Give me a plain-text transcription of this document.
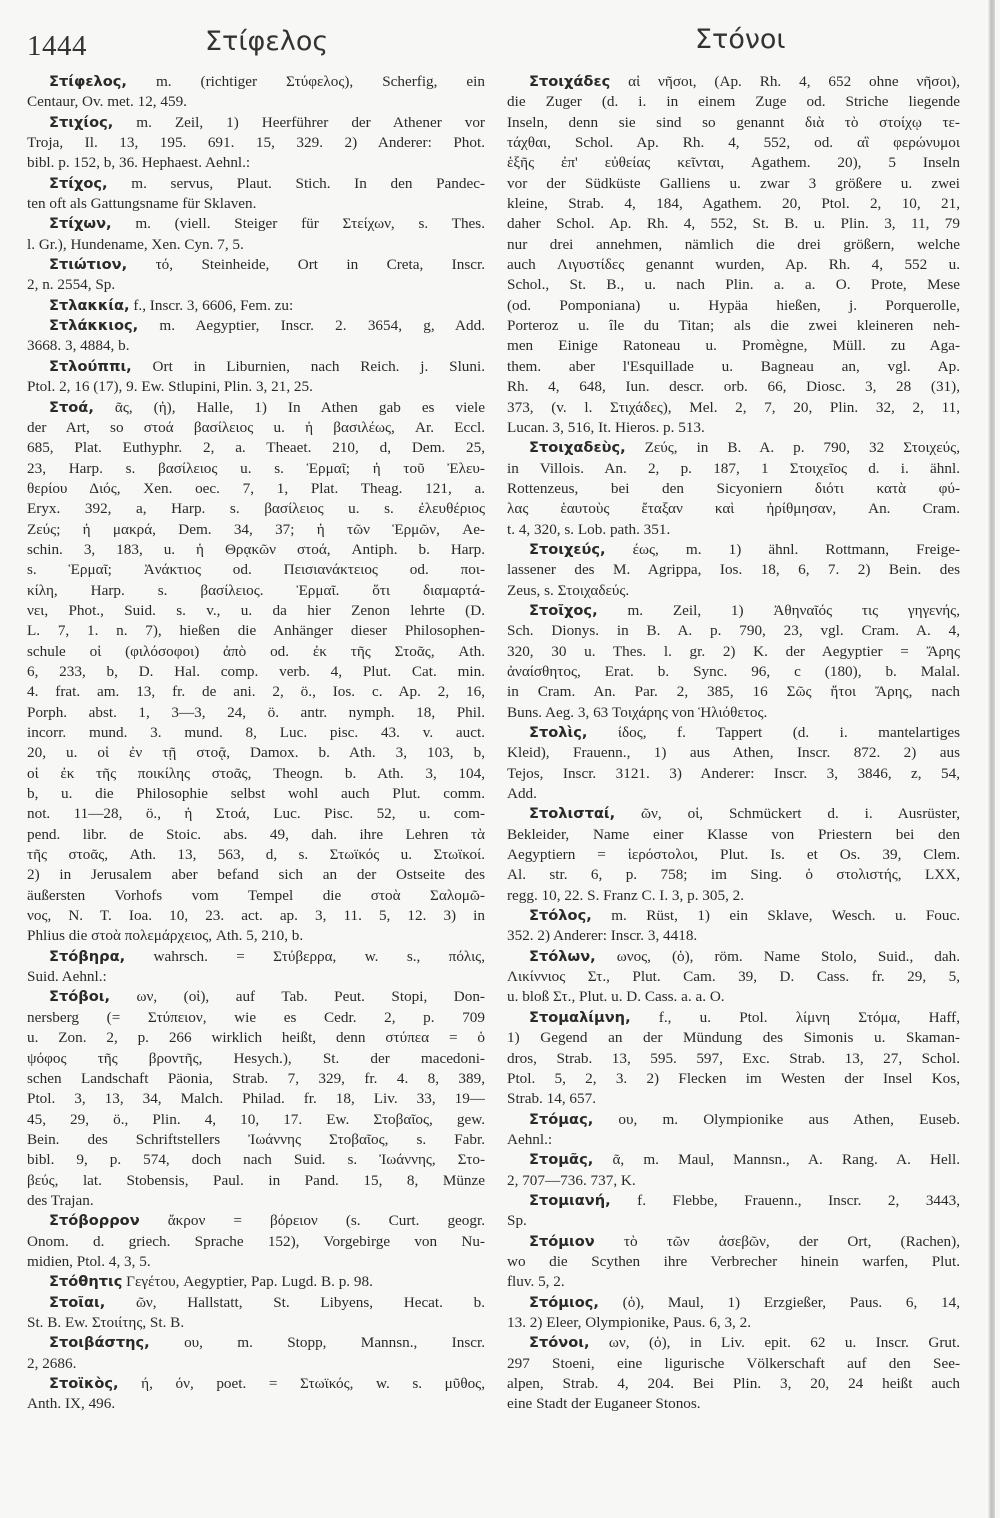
1444	Στίφελος	Στόνοι
Στίφελος, m. (richtiger Στύφελος), Scherfig, ein
Centaur, Ov. met. 12, 459.
Στιχίος, m. Zeil, 1) Heerführer der Athener vor
Troja, Il. 13, 195. 691. 15, 329. 2) Anderer: Phot.
bibl. p. 152, b, 36. Hephaest. Aehnl.:
Στίχος, m. servus, Plaut. Stich. In den Pandec-
ten oft als Gattungsname für Sklaven.
Στίχων, m. (viell. Steiger für Στείχων, s. Thes.
l. Gr.), Hundename, Xen. Cyn. 7, 5.
Στιώτιον, τό, Steinheide, Ort in Creta, Inscr.
2, n. 2554, Sp.
Στλακκία, f., Inscr. 3, 6606, Fem. zu:
Στλάκκιος, m. Aegyptier, Inscr. 2. 3654, g, Add.
3668. 3, 4884, b.
Στλούππι, Ort in Liburnien, nach Reich. j. Sluni.
Ptol. 2, 16 (17), 9. Ew. Stlupini, Plin. 3, 21, 25.
Στοά, ᾶς, (ἡ), Halle, 1) In Athen gab es viele
der Art, so στοά βασίλειος u. ἡ βασιλέως, Ar. Eccl.
685, Plat. Euthyphr. 2, a. Theaet. 210, d, Dem. 25,
23, Harp. s. βασίλειος u. s. Ἑρμαῖ; ἡ τοῦ Ἐλευ-
θερίου Διός, Xen. oec. 7, 1, Plat. Theag. 121, a.
Eryx. 392, a, Harp. s. βασίλειος u. s. ἐλευθέριος
Ζεύς; ἡ μακρά, Dem. 34, 37; ἡ τῶν Ἑρμῶν, Ae-
schin. 3, 183, u. ἡ Θρᾳκῶν στοά, Antiph. b. Harp.
s. Ἑρμαῖ; Ἀνάκτιος od. Πεισιανάκτειος od. ποι-
κίλη, Harp. s. βασίλειος. Ἑρμαῖ. ὅτι διαμαρτά-
νει, Phot., Suid. s. v., u. da hier Zenon lehrte (D.
L. 7, 1. n. 7), hießen die Anhänger dieser Philosophen-
schule οἱ (φιλόσοφοι) ἀπὸ od. ἐκ τῆς Στοᾶς, Ath.
6, 233, b, D. Hal. comp. verb. 4, Plut. Cat. min.
4. frat. am. 13, fr. de ani. 2, ö., Ios. c. Ap. 2, 16,
Porph. abst. 1, 3—3, 24, ö. antr. nymph. 18, Phil.
incorr. mund. 3. mund. 8, Luc. pisc. 43. v. auct.
20, u. οἱ ἐν τῇ στοᾷ, Damox. b. Ath. 3, 103, b,
οἱ ἐκ τῆς ποικίλης στοᾶς, Theogn. b. Ath. 3, 104,
b, u. die Philosophie selbst wohl auch Plut. comm.
not. 11—28, ö., ἡ Στοά, Luc. Pisc. 52, u. com-
pend. libr. de Stoic. abs. 49, dah. ihre Lehren τὰ
τῆς στοᾶς, Ath. 13, 563, d, s. Στωϊκός u. Στωϊκοί.
2) in Jerusalem aber befand sich an der Ostseite des
äußersten Vorhofs vom Tempel die στοὰ Σαλομῶ-
νος, N. T. Ioa. 10, 23. act. ap. 3, 11. 5, 12. 3) in
Phlius die στοὰ πολεμάρχειος, Ath. 5, 210, b.
Στόβηρα, wahrsch. = Στύβερρα, w. s., πόλις,
Suid. Aehnl.:
Στόβοι, ων, (οἱ), auf Tab. Peut. Stopi, Don-
nersberg (= Στύπειον, wie es Cedr. 2, p. 709
u. Zon. 2, p. 266 wirklich heißt, denn στύπεα = ὁ
ψόφος τῆς βροντῆς, Hesych.), St. der macedoni-
schen Landschaft Päonia, Strab. 7, 329, fr. 4. 8, 389,
Ptol. 3, 13, 34, Malch. Philad. fr. 18, Liv. 33, 19—
45, 29, ö., Plin. 4, 10, 17. Ew. Στοβαῖος, gew.
Bein. des Schriftstellers Ἰωάννης Στοβαῖος, s. Fabr.
bibl. 9, p. 574, doch nach Suid. s. Ἰωάννης, Στο-
βεύς, lat. Stobensis, Paul. in Pand. 15, 8, Münze
des Trajan.
Στόβορρον ἄκρον = βόρειον (s. Curt. geogr.
Onom. d. griech. Sprache 152), Vorgebirge von Nu-
midien, Ptol. 4, 3, 5.
Στόθητις Γεγέτου, Aegyptier, Pap. Lugd. B. p. 98.
Στοῖαι, ῶν, Hallstatt, St. Libyens, Hecat. b.
St. B. Ew. Στοιίτης, St. B.
Στοιβάστης, ου, m. Stopp, Mannsn., Inscr.
2, 2686.
Στοϊκὸς, ή, όν, poet. = Στωϊκός, w. s. μῦθος,
Anth. IX, 496.
Στοιχάδες αἱ νῆσοι, (Ap. Rh. 4, 652 ohne νῆσοι),
die Zuger (d. i. in einem Zuge od. Striche liegende
Inseln, denn sie sind so genannt διὰ τὸ στοίχῳ τε-
τάχθαι, Schol. Ap. Rh. 4, 552, od. αἳ φερώνυμοι
ἑξῆς ἐπ' εὐθείας κεῖνται, Agathem. 20), 5 Inseln
vor der Südküste Galliens u. zwar 3 größere u. zwei
kleine, Strab. 4, 184, Agathem. 20, Ptol. 2, 10, 21,
daher Schol. Ap. Rh. 4, 552, St. B. u. Plin. 3, 11, 79
nur drei annehmen, nämlich die drei größern, welche
auch Λιγυστίδες genannt wurden, Ap. Rh. 4, 552 u.
Schol., St. B., u. nach Plin. a. a. O. Prote, Mese
(od. Pomponiana) u. Hypäa hießen, j. Porquerolle,
Porteroz u. île du Titan; als die zwei kleineren neh-
men Einige Ratoneau u. Promègne, Müll. zu Aga-
them. aber l'Esquillade u. Bagneau an, vgl. Ap.
Rh. 4, 648, Iun. descr. orb. 66, Diosc. 3, 28 (31),
373, (v. l. Στιχάδες), Mel. 2, 7, 20, Plin. 32, 2, 11,
Lucan. 3, 516, It. Hieros. p. 513.
Στοιχαδεὺς, Ζεύς, in B. A. p. 790, 32 Στοιχεύς,
in Villois. An. 2, p. 187, 1 Στοιχεῖος d. i. ähnl.
Rottenzeus, bei den Sicyoniern διότι κατὰ φύ-
λας ἑαυτοὺς ἔταξαν καὶ ἠρίθμησαν, An. Cram.
t. 4, 320, s. Lob. path. 351.
Στοιχεύς, έως, m. 1) ähnl. Rottmann, Freige-
lassener des M. Agrippa, Ios. 18, 6, 7. 2) Bein. des
Zeus, s. Στοιχαδεύς.
Στοῖχος, m. Zeil, 1) Ἀθηναῖός τις γηγενής,
Sch. Dionys. in B. A. p. 790, 23, vgl. Cram. A. 4,
320, 30 u. Thes. l. gr. 2) K. der Aegyptier = Ἄρης
ἀναίσθητος, Erat. b. Sync. 96, c (180), b. Malal.
in Cram. An. Par. 2, 385, 16 Σῶς ἤτοι Ἄρης, nach
Buns. Aeg. 3, 63 Τοιχάρης von Ἡλιόθετος.
Στολὶς, ίδος, f. Tappert (d. i. mantelartiges
Kleid), Frauenn., 1) aus Athen, Inscr. 872. 2) aus
Tejos, Inscr. 3121. 3) Anderer: Inscr. 3, 3846, z, 54,
Add.
Στολισταί, ῶν, οἱ, Schmückert d. i. Ausrüster,
Bekleider, Name einer Klasse von Priestern bei den
Aegyptiern = ἱερόστολοι, Plut. Is. et Os. 39, Clem.
Al. str. 6, p. 758; im Sing. ὁ στολιστής, LXX,
regg. 10, 22. S. Franz C. I. 3, p. 305, 2.
Στόλος, m. Rüst, 1) ein Sklave, Wesch. u. Fouc.
352. 2) Anderer: Inscr. 3, 4418.
Στόλων, ωνος, (ὁ), röm. Name Stolo, Suid., dah.
Λικίννιος Στ., Plut. Cam. 39, D. Cass. fr. 29, 5,
u. bloß Στ., Plut. u. D. Cass. a. a. O.
Στομαλίμνη, f., u. Ptol. λίμνη Στόμα, Haff,
1) Gegend an der Mündung des Simonis u. Skaman-
dros, Strab. 13, 595. 597, Exc. Strab. 13, 27, Schol.
Ptol. 5, 2, 3. 2) Flecken im Westen der Insel Kos,
Strab. 14, 657.
Στόμας, ου, m. Olympionike aus Athen, Euseb.
Aehnl.:
Στομᾶς, ᾶ, m. Maul, Mannsn., A. Rang. A. Hell.
2, 707—736. 737, K.
Στομιανή, f. Flebbe, Frauenn., Inscr. 2, 3443,
Sp.
Στόμιον τὸ τῶν ἀσεβῶν, der Ort, (Rachen),
wo die Scythen ihre Verbrecher hinein warfen, Plut.
fluv. 5, 2.
Στόμιος, (ὁ), Maul, 1) Erzgießer, Paus. 6, 14,
13. 2) Eleer, Olympionike, Paus. 6, 3, 2.
Στόνοι, ων, (ὁ), in Liv. epit. 62 u. Inscr. Grut.
297 Stoeni, eine ligurische Völkerschaft auf den See-
alpen, Strab. 4, 204. Bei Plin. 3, 20, 24 heißt auch
eine Stadt der Euganeer Stonos.
